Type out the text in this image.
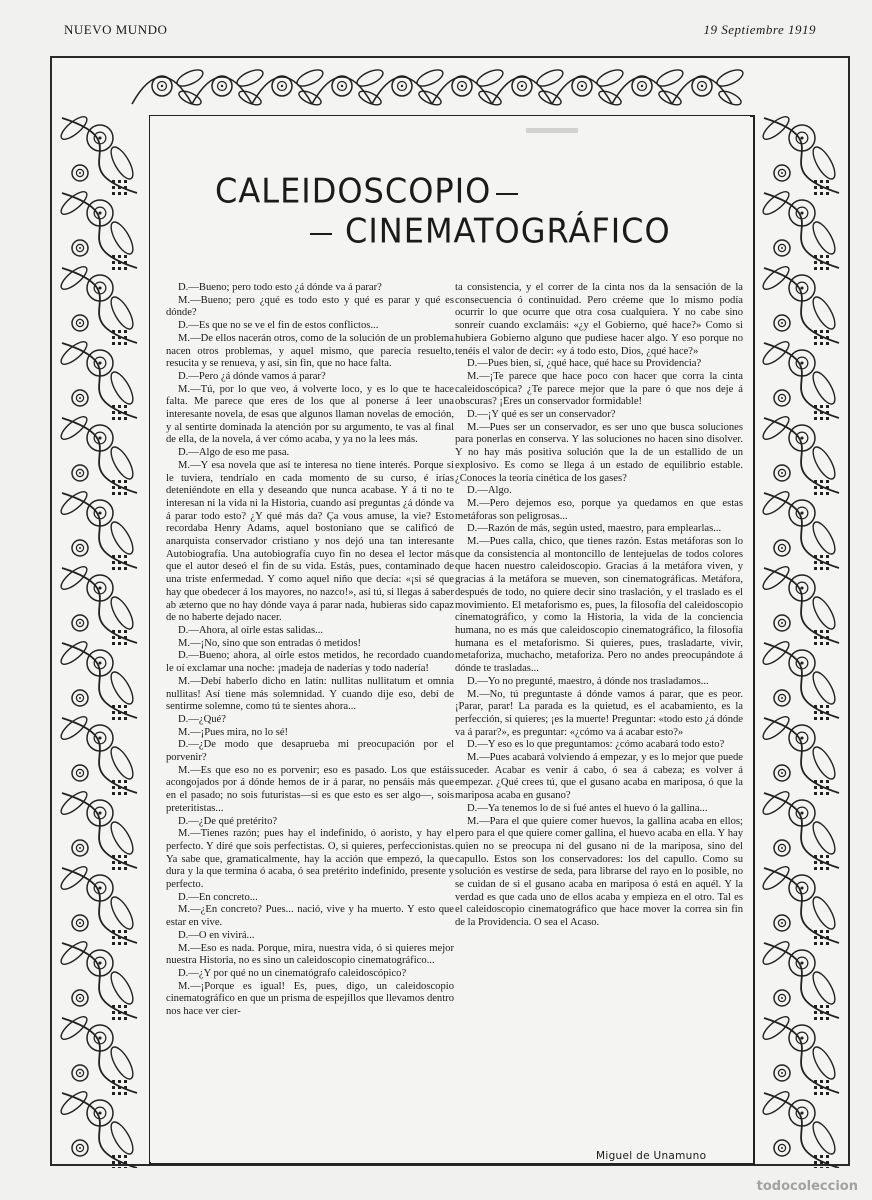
NUEVO MUNDO	19 Septiembre 1919
CALEIDOSCOPIO
CINEMATOGRÁFICO

D.—Bueno; pero todo esto ¿á dónde va á parar?

M.—Bueno; pero ¿qué es todo esto y qué es parar y qué es dónde?

D.—Es que no se ve el fin de estos conflictos...

M.—De ellos nacerán otros, como de la solución de un problema nacen otros problemas, y aquel mismo, que parecía resuelto, resucita y se renueva, y así, sin fin, que no hace falta.

D.—Pero ¿á dónde vamos á parar?

M.—Tú, por lo que veo, á volverte loco, y es lo que te hace falta. Me parece que eres de los que al ponerse á leer una interesante novela, de esas que algunos llaman novelas de emoción, y al sentirte dominada la atención por su argumento, te vas al final de ella, de la novela, á ver cómo acaba, y ya no la lees más.

D.—Algo de eso me pasa.

M.—Y esa novela que así te interesa no tiene interés. Porque si le tuviera, tendríalo en cada momento de su curso, é irías deteniéndote en ella y deseando que nunca acabase. Y á ti no te interesan ni la vida ni la Historia, cuando así preguntas ¿á dónde va á parar todo esto? ¿Y qué más da? Ça vous amuse, la vie? Esto recordaba Henry Adams, aquel bostoniano que se calificó de anarquista conservador cristiano y nos dejó una tan interesante Autobiografía. Una autobiografía cuyo fin no desea el lector más que el autor deseó el fin de su vida. Estás, pues, contaminado de una triste enfermedad. Y como aquel niño que decía: «¡si sé que hay que obedecer á los mayores, no nazco!», así tú, si llegas á saber ab æterno que no hay dónde vaya á parar nada, hubieras sido capaz de no haberte dejado nacer.

D.—Ahora, al oírle estas salidas...

M.—¡No, sino que son entradas ó metidos!

D.—Bueno; ahora, al oírle estos metidos, he recordado cuando le oí exclamar una noche: ¡madeja de naderías y todo nadería!

M.—Debí haberlo dicho en latín: nullitas nullitatum et omnia nullitas! Así tiene más solemnidad. Y cuando dije eso, debí de sentirme solemne, como tú te sientes ahora...

D.—¿Qué?

M.—¡Pues mira, no lo sé!

D.—¿De modo que desaprueba mi preocupación por el porvenir?

M.—Es que eso no es porvenir; eso es pasado. Los que estáis acongojados por á dónde hemos de ir á parar, no pensáis más que en el pasado; no sois futuristas—si es que esto es ser algo—, sois preteritistas...

D.—¿De qué pretérito?

M.—Tienes razón; pues hay el indefinido, ó aoristo, y hay el perfecto. Y diré que sois perfectistas. O, si quieres, perfeccionistas. Ya sabe que, gramaticalmente, hay la acción que empezó, la que dura y la que termina ó acaba, ó sea pretérito indefinido, presente y perfecto.

D.—En concreto...

M.—¿En concreto? Pues... nació, vive y ha muerto. Y esto que estar en vive.

D.—O en vivirá...

M.—Eso es nada. Porque, mira, nuestra vida, ó si quieres mejor nuestra Historia, no es sino un caleidoscopio cinematográfico...

D.—¿Y por qué no un cinematógrafo caleidoscópico?

M.—¡Porque es igual! Es, pues, digo, un caleidoscopio cinematográfico en que un prisma de espejillos que llevamos dentro nos hace ver cier-

ta consistencia, y el correr de la cinta nos da la sensación de la consecuencia ó continuidad. Pero créeme que lo mismo podía ocurrir lo que ocurre que otra cosa cualquiera. Y no cabe sino sonreír cuando exclamáis: «¿y el Gobierno, qué hace?» Como si hubiera Gobierno alguno que pudiese hacer algo. Y eso porque no tenéis el valor de decir: «y á todo esto, Dios, ¿qué hace?»

D.—Pues bien, sí, ¿qué hace, qué hace su Providencia?

M.—¡Te parece que hace poco con hacer que corra la cinta caleidoscópica? ¿Te parece mejor que la pare ó que nos deje á obscuras? ¡Eres un conservador formidable!

D.—¡Y qué es ser un conservador?

M.—Pues ser un conservador, es ser uno que busca soluciones para ponerlas en conserva. Y las soluciones no hacen sino disolver. Y no hay más positiva solución que la de un estallido de un explosivo. Es como se llega á un estado de equilibrio estable. ¿Conoces la teoría cinética de los gases?

D.—Algo.

M.—Pero dejemos eso, porque ya quedamos en que estas metáforas son peligrosas...

D.—Razón de más, según usted, maestro, para emplearlas...

M.—Pues calla, chico, que tienes razón. Estas metáforas son lo que da consistencia al montoncillo de lentejuelas de todos colores que hacen nuestro caleidoscopio. Gracias á la metáfora viven, y gracias á la metáfora se mueven, son cinematográficas. Metáfora, después de todo, no quiere decir sino traslación, y el traslado es el movimiento. El metaforismo es, pues, la filosofía del caleidoscopio cinematográfico, y como la Historia, la vida de la conciencia humana, no es más que caleidoscopio cinematográfico, la filosofía humana es el metaforismo. Si quieres, pues, trasladarte, vivir, metaforiza, muchacho, metaforiza. Pero no andes preocupándote á dónde te trasladas...

D.—Yo no pregunté, maestro, á dónde nos trasladamos...

M.—No, tú preguntaste á dónde vamos á parar, que es peor. ¡Parar, parar! La parada es la quietud, es el acabamiento, es la perfección, si quieres; ¡es la muerte! Preguntar: «todo esto ¿á dónde va á parar?», es preguntar: «¿cómo va á acabar esto?»

D.—Y eso es lo que preguntamos: ¿cómo acabará todo esto?

M.—Pues acabará volviendo á empezar, y es lo mejor que puede suceder. Acabar es venir á cabo, ó sea á cabeza; es volver á empezar. ¿Qué crees tú, que el gusano acaba en mariposa, ó que la mariposa acaba en gusano?

D.—Ya tenemos lo de si fué antes el huevo ó la gallina...

M.—Para el que quiere comer huevos, la gallina acaba en ellos; pero para el que quiere comer gallina, el huevo acaba en ella. Y hay quien no se preocupa ni del gusano ni de la mariposa, sino del capullo. Estos son los conservadores: los del capullo. Como su solución es vestirse de seda, para librarse del rayo en lo posible, no se cuidan de si el gusano acaba en mariposa ó está en aquél. Y la verdad es que cada uno de ellos acaba y empieza en el otro. Tal es el caleidoscopio cinematográfico que hace mover la correa sin fin de la Providencia. O sea el Acaso.

Miguel de Unamuno
todocoleccion
